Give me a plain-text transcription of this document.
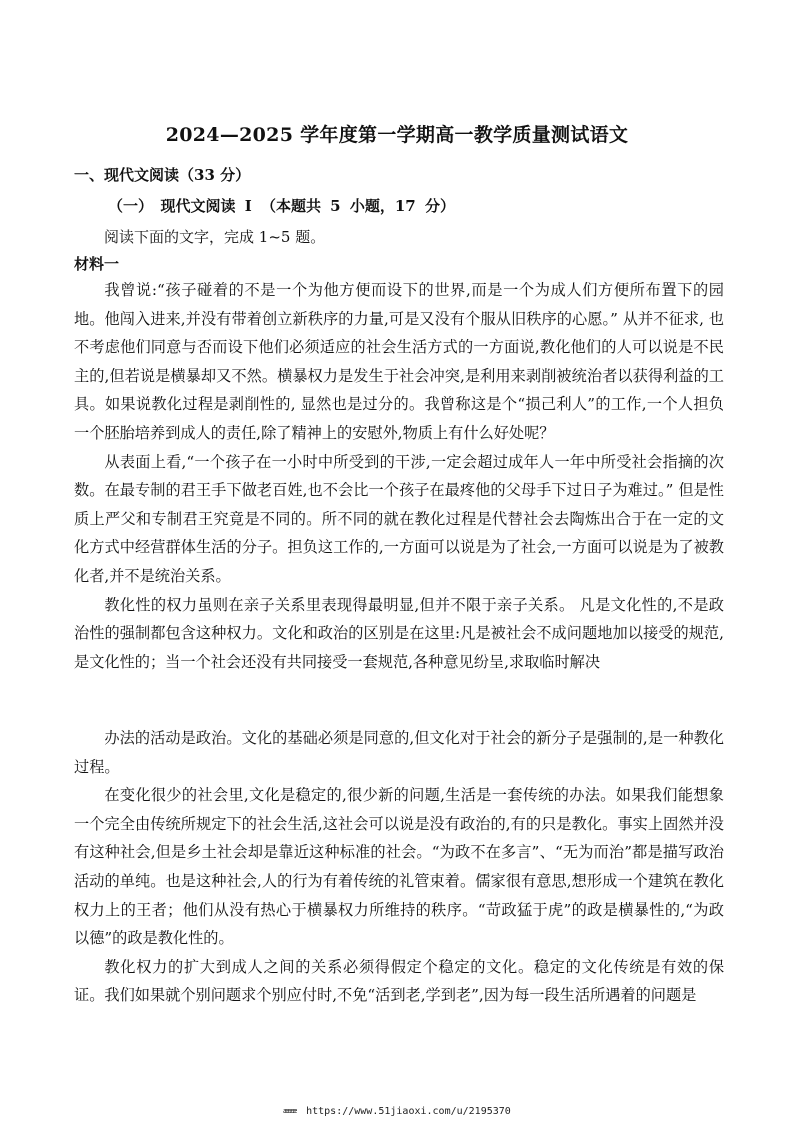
2024—2025 学年度第一学期高一教学质量测试语文
一、现代文阅读（33 分）
（一）　现代文阅读 I （本题共 5 小题，17 分）
阅读下面的文字，完成 1~5 题。
材料一

我曾说:“孩子碰着的不是一个为他方便而设下的世界,而是一个为成人们方便所布置下的园地。他闯入进来,并没有带着创立新秩序的力量,可是又没有个服从旧秩序的心愿。” 从并不征求, 也不考虑他们同意与否而设下他们必须适应的社会生活方式的一方面说,教化他们的人可以说是不民主的,但若说是横暴却又不然。横暴权力是发生于社会冲突,是利用来剥削被统治者以获得利益的工具。如果说教化过程是剥削性的, 显然也是过分的。我曾称这是个“损己利人”的工作,一个人担负一个胚胎培养到成人的责任,除了精神上的安慰外,物质上有什么好处呢？

从表面上看,“一个孩子在一小时中所受到的干涉,一定会超过成年人一年中所受社会指摘的次数。在最专制的君王手下做老百姓,也不会比一个孩子在最疼他的父母手下过日子为难过。” 但是性质上严父和专制君王究竟是不同的。所不同的就在教化过程是代替社会去陶炼出合于在一定的文化方式中经营群体生活的分子。担负这工作的,一方面可以说是为了社会,一方面可以说是为了被教化者,并不是统治关系。

教化性的权力虽则在亲子关系里表现得最明显,但并不限于亲子关系。 凡是文化性的,不是政治性的强制都包含这种权力。文化和政治的区别是在这里:凡是被社会不成问题地加以接受的规范,是文化性的；当一个社会还没有共同接受一套规范,各种意见纷呈,求取临时解决

办法的活动是政治。文化的基础必须是同意的,但文化对于社会的新分子是强制的,是一种教化过程。

在变化很少的社会里,文化是稳定的,很少新的问题,生活是一套传统的办法。如果我们能想象一个完全由传统所规定下的社会生活,这社会可以说是没有政治的,有的只是教化。事实上固然并没有这种社会,但是乡土社会却是靠近这种标准的社会。“为政不在多言”、“无为而治”都是描写政治活动的单纯。也是这种社会,人的行为有着传统的礼管束着。儒家很有意思,想形成一个建筑在教化权力上的王者；他们从没有热心于横暴权力所维持的秩序。“苛政猛于虎”的政是横暴性的,“为政以德”的政是教化性的。

教化权力的扩大到成人之间的关系必须得假定个稳定的文化。稳定的文化传统是有效的保证。我们如果就个别问题求个别应付时,不免“活到老,学到老”,因为每一段生活所遇着的问题是

ææææ https://www.51jiaoxi.com/u/2195370
